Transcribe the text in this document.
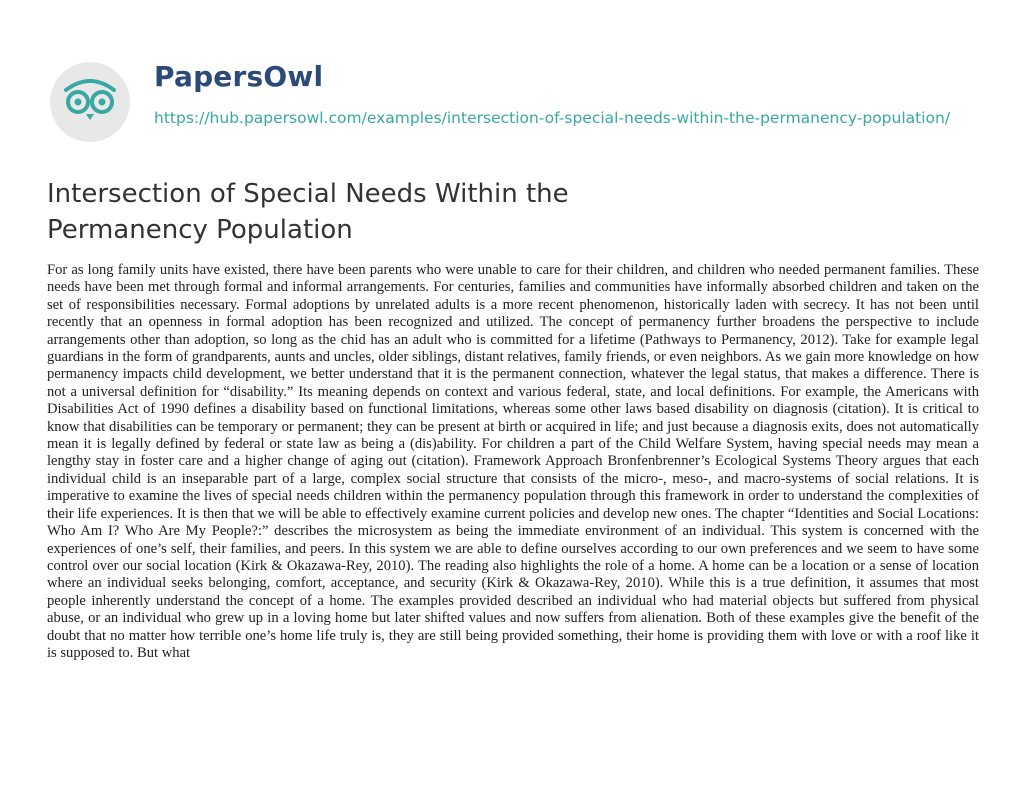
PapersOwl
https://hub.papersowl.com/examples/intersection-of-special-needs-within-the-permanency-population/
Intersection of Special Needs Within the Permanency Population

For as long family units have existed, there have been parents who were unable to care for their children, and children who needed permanent families. These needs have been met through formal and informal arrangements. For centuries, families and communities have informally absorbed children and taken on the set of responsibilities necessary. Formal adoptions by unrelated adults is a more recent phenomenon, historically laden with secrecy. It has not been until recently that an openness in formal adoption has been recognized and utilized. The concept of permanency further broadens the perspective to include arrangements other than adoption, so long as the chid has an adult who is committed for a lifetime (Pathways to Permanency, 2012). Take for example legal guardians in the form of grandparents, aunts and uncles, older siblings, distant relatives, family friends, or even neighbors. As we gain more knowledge on how permanency impacts child development, we better understand that it is the permanent connection, whatever the legal status, that makes a difference. There is not a universal definition for “disability.” Its meaning depends on context and various federal, state, and local definitions. For example, the Americans with Disabilities Act of 1990 defines a disability based on functional limitations, whereas some other laws based disability on diagnosis (citation). It is critical to know that disabilities can be temporary or permanent; they can be present at birth or acquired in life; and just because a diagnosis exits, does not automatically mean it is legally defined by federal or state law as being a (dis)ability. For children a part of the Child Welfare System, having special needs may mean a lengthy stay in foster care and a higher change of aging out (citation). Framework Approach Bronfenbrenner’s Ecological Systems Theory argues that each individual child is an inseparable part of a large, complex social structure that consists of the micro-, meso-, and macro-systems of social relations. It is imperative to examine the lives of special needs children within the permanency population through this framework in order to understand the complexities of their life experiences. It is then that we will be able to effectively examine current policies and develop new ones. The chapter “Identities and Social Locations: Who Am I? Who Are My People?:” describes the microsystem as being the immediate environment of an individual. This system is concerned with the experiences of one’s self, their families, and peers. In this system we are able to define ourselves according to our own preferences and we seem to have some control over our social location (Kirk & Okazawa-Rey, 2010). The reading also highlights the role of a home. A home can be a location or a sense of location where an individual seeks belonging, comfort, acceptance, and security (Kirk & Okazawa-Rey, 2010). While this is a true definition, it assumes that most people inherently understand the concept of a home. The examples provided described an individual who had material objects but suffered from physical abuse, or an individual who grew up in a loving home but later shifted values and now suffers from alienation. Both of these examples give the benefit of the doubt that no matter how terrible one’s home life truly is, they are still being provided something, their home is providing them with love or with a roof like it is supposed to. But what
